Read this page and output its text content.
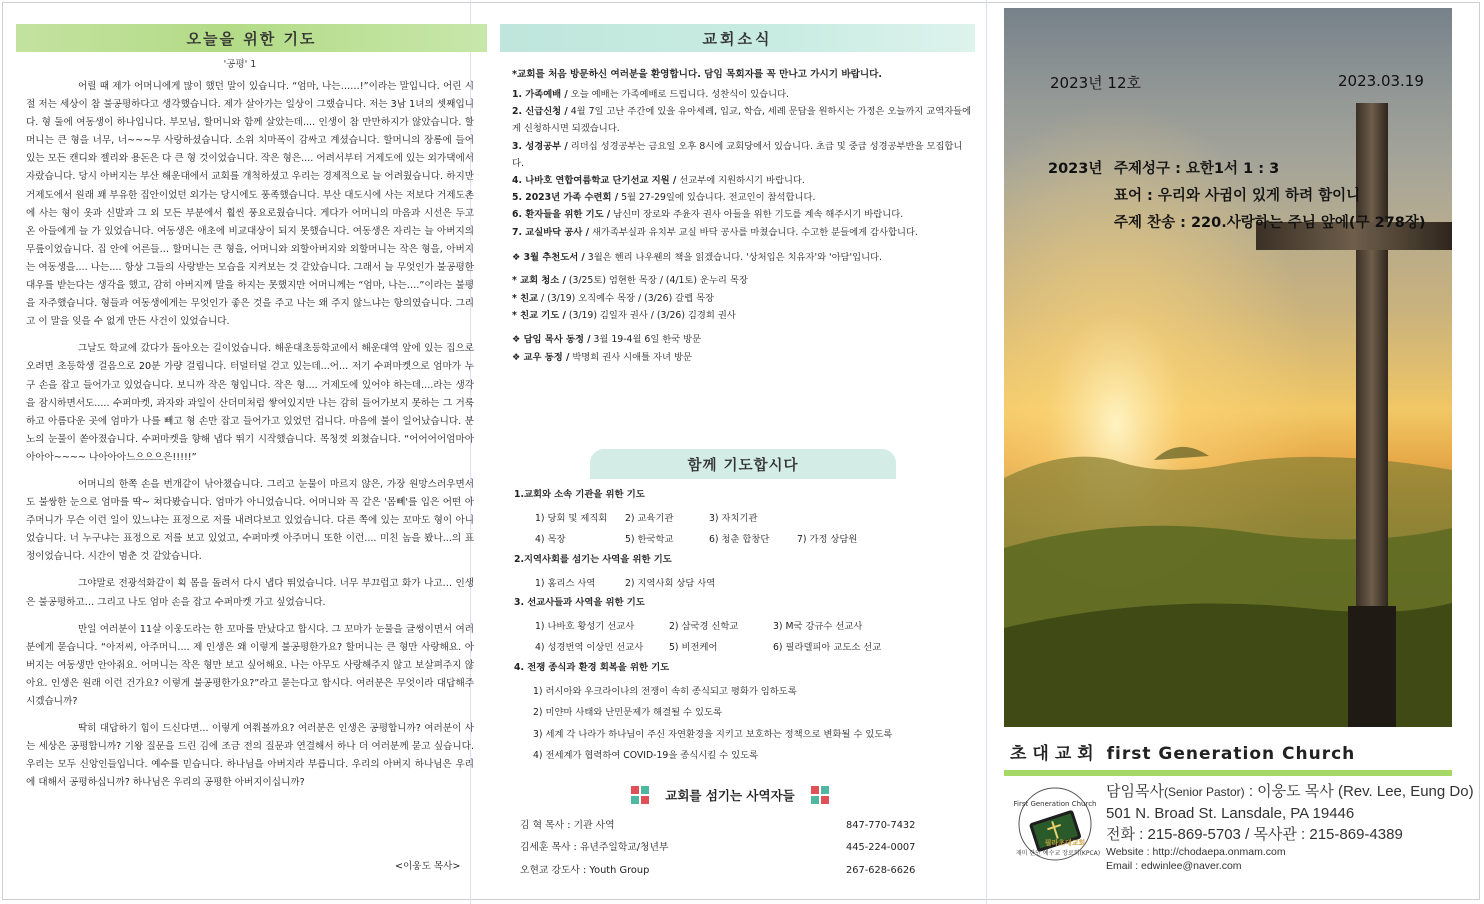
오늘을 위한 기도
'공평' 1

어릴 때 제가 어머니에게 많이 했던 말이 있습니다. “엄마, 나는……!”이라는 말입니다. 어린 시절 저는 세상이 참 불공평하다고 생각했습니다. 제가 살아가는 일상이 그랬습니다. 저는 3남 1녀의 셋째입니다. 형 둘에 여동생이 하나입니다. 부모님, 할머니와 함께 살았는데.... 인생이 참 만만하지가 않았습니다. 할머니는 큰 형을 너무, 너~~~무 사랑하셨습니다. 소위 치마폭이 감싸고 계셨습니다. 할머니의 장롱에 들어있는 모든 캔디와 젤리와 용돈은 다 큰 형 것이었습니다. 작은 형은.... 어려서부터 거제도에 있는 외가댁에서 자랐습니다. 당시 아버지는 부산 해운대에서 교회를 개척하셨고 우리는 경제적으로 늘 어려웠습니다. 하지만 거제도에서 원래 꽤 부유한 집안이었던 외가는 당시에도 풍족했습니다. 부산 대도시에 사는 저보다 거제도촌에 사는 형이 옷과 신발과 그 외 모든 부분에서 훨씬 풍요로웠습니다. 게다가 어머니의 마음과 시선은 두고 온 아들에게 늘 가 있었습니다. 여동생은 애초에 비교대상이 되지 못했습니다. 여동생은 자리는 늘 아버지의 무릎이었습니다. 집 안에 어른들… 할머니는 큰 형을, 어머니와 외할아버지와 외할머니는 작은 형을, 아버지는 여동생을.... 나는.... 항상 그들의 사랑받는 모습을 지켜보는 것 같았습니다. 그래서 늘 무엇인가 불공평한 대우를 받는다는 생각을 했고, 감히 아버지께 말을 하지는 못했지만 어머니께는 “엄마, 나는….”이라는 불평을 자주했습니다. 형들과 여동생에게는 무엇인가 좋은 것을 주고 나는 왜 주지 않느냐는 항의였습니다. 그리고 이 말을 잊을 수 없게 만든 사건이 있었습니다.

그날도 학교에 갔다가 돌아오는 길이었습니다. 해운대초등학교에서 해운대역 앞에 있는 집으로 오려면 초등학생 걸음으로 20분 가량 걸립니다. 터덜터덜 걷고 있는데...어... 저기 수퍼마켓으로 엄마가 누구 손을 잡고 들어가고 있었습니다. 보니까 작은 형입니다. 작은 형.... 거제도에 있어야 하는데....라는 생각을 잠시하면서도..... 수퍼마켓, 과자와 과일이 산더미처럼 쌓여있지만 나는 감히 들어가보지 못하는 그 거룩하고 아름다운 곳에 엄마가 나를 빼고 형 손만 잡고 들어가고 있었던 겁니다. 마음에 불이 일어났습니다. 분노의 눈물이 쏟아졌습니다. 수퍼마켓을 향해 냅다 뛰기 시작했습니다. 목청껏 외쳤습니다. “어어어어엄마아아아아~~~~ 나아아아느으으으은!!!!!”

어머니의 한쪽 손을 번개같이 낚아챘습니다. 그리고 눈물이 마르지 않은, 가장 원망스러우면서도 불쌍한 눈으로 엄마를 딱~ 쳐다봤습니다. 엄마가 아니었습니다. 어머니와 꼭 같은 '몸뻬'를 입은 어떤 아주머니가 무슨 이런 일이 있느냐는 표정으로 저를 내려다보고 있었습니다. 다른 쪽에 있는 꼬마도 형이 아니었습니다. 너 누구냐는 표정으로 저를 보고 있었고, 수퍼마켓 아주머니 또한 이런.... 미친 놈을 봤나...의 표정이었습니다. 시간이 멈춘 것 같았습니다.

그야말로 전광석화같이 획 몸을 돌려서 다시 냅다 뛰었습니다. 너무 부끄럽고 화가 나고… 인생은 불공평하고… 그리고 나도 엄마 손을 잡고 수퍼마켓 가고 싶었습니다.

만일 여러분이 11살 이웅도라는 한 꼬마를 만났다고 합시다. 그 꼬마가 눈물을 글썽이면서 여러분에게 묻습니다. “아저씨, 아주머니.... 제 인생은 왜 이렇게 불공평한가요? 할머니는 큰 형만 사랑해요. 아버지는 여동생만 안아줘요. 어머니는 작은 형만 보고 싶어해요. 나는 아무도 사랑해주지 않고 보살펴주지 않아요. 인생은 원래 이런 건가요? 이렇게 불공평한가요?”라고 묻는다고 합시다. 여러분은 무엇이라 대답해주시겠습니까?

딱히 대답하기 힘이 드신다면... 이렇게 여쭤볼까요? 여러분은 인생은 공평합니까? 여러분이 사는 세상은 공평합니까? 기왕 질문을 드린 김에 조금 전의 질문과 연결해서 하나 더 여러분께 묻고 싶습니다. 우리는 모두 신앙인들입니다. 예수를 믿습니다. 하나님을 아버지라 부릅니다. 우리의 아버지 하나님은 우리에 대해서 공평하십니까? 하나님은 우리의 공평한 아버지이십니까?

<이웅도 목사>
교회소식
*교회를 처음 방문하신 여러분을 환영합니다. 담임 목회자를 꼭 만나고 가시기 바랍니다.
1. 가족예배 / 오늘 예배는 가족예배로 드립니다. 성찬식이 있습니다.
2. 신급신청 / 4월 7일 고난 주간에 있을 유아세례, 입교, 학습, 세례 문답을 원하시는 가정은 오늘까지 교역자들에게 신청하시면 되겠습니다.
3. 성경공부 / 리더십 성경공부는 금요일 오후 8시에 교회당에서 있습니다. 초급 및 중급 성경공부반을 모집합니다.
4. 나바호 연합여름학교 단기선교 지원 / 선교부에 지원하시기 바랍니다.
5. 2023년 가족 수련회 / 5월 27-29일에 있습니다. 전교인이 참석합니다.
6. 환자들을 위한 기도 / 남신미 장로와 주윤자 권사 아들을 위한 기도를 계속 해주시기 바랍니다.
7. 교실바닥 공사 / 새가족부실과 유치부 교실 바닥 공사를 마쳤습니다. 수고한 분들에게 감사합니다.
❖ 3월 추천도서 / 3월은 헨리 나우웬의 책을 읽겠습니다. '상처입은 치유자'와 '아담'입니다.
* 교회 청소 / (3/25토) 엄현한 목장 / (4/1토) 운누리 목장
* 친교 / (3/19) 오직예수 목장 / (3/26) 갈렙 목장
* 친교 기도 / (3/19) 김일자 권사 / (3/26) 김경희 권사
❖ 담임 목사 동정 / 3월 19-4월 6일 한국 방문
❖ 교우 동정 / 박명희 권사 시애틀 자녀 방문
함께 기도합시다
1.교회와 소속 기관을 위한 기도
1) 당회 및 제직회	2) 교육기관	3) 자치기관
4) 목장	5) 한국학교	6) 청춘 합창단	7) 가정 상담원
2.지역사회를 섬기는 사역을 위한 기도
1) 홈리스 사역	2) 지역사회 상담 사역
3. 선교사들과 사역을 위한 기도
1) 나바호 황성기 선교사	2) 삼국경 신학교	3) M국 강규수 선교사
4) 성경번역 이상민 선교사	5) 비전케어	6) 필라델피아 교도소 선교
4. 전쟁 종식과 환경 회복을 위한 기도
1) 러시아와 우크라이나의 전쟁이 속히 종식되고 평화가 임하도록
2) 미얀마 사태와 난민문제가 해결될 수 있도록
3) 세계 각 나라가 하나님이 주신 자연환경을 지키고 보호하는 정책으로 변화될 수 있도록
4) 전세계가 협력하여 COVID-19을 종식시킬 수 있도록
교회를 섬기는 사역자들
김 혁 목사 : 기관 사역	847-770-7432
김세훈 목사 : 유년주일학교/청년부	445-224-0007
오현교 강도사 : Youth Group	267-628-6626
2023년 12호	2023.03.19
2023년 주제성구 : 요한1서 1 : 3
표어 : 우리와 사귐이 있게 하려 함이니
주제 찬송 : 220.사랑하는 주님 앞에(구 278장)
초대교회 first Generation Church
First Generation Church
필라초대교회
재미 한인 예수교 장로회(KPCA)
담임목사(Senior Pastor) : 이웅도 목사 (Rev. Lee, Eung Do)
501 N. Broad St. Lansdale, PA 19446
전화 : 215-869-5703 / 목사관 : 215-869-4389
Website : http://chodaepa.onmam.com
Email : edwinlee@naver.com
